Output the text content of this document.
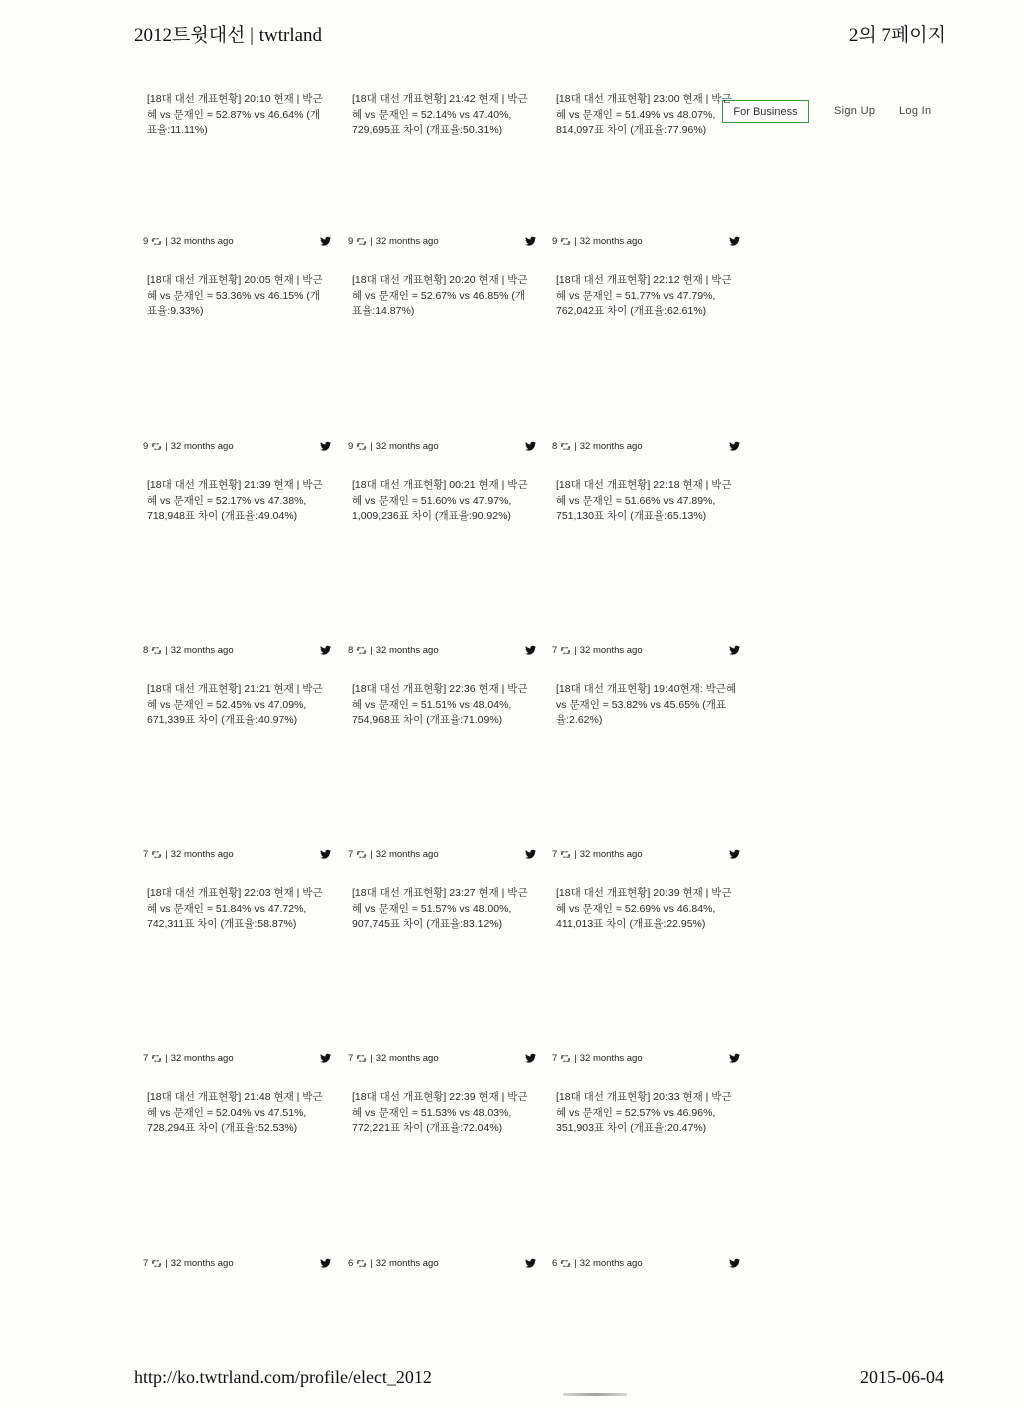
2012트윗대선 | twtrland	2의 7페이지
For Business	Sign Up Log In
[18대 대선 개표현황] 20:10 현재 | 박근혜 vs 문재인 = 52.87% vs 46.64% (개표율:11.11%)
9 | 32 months ago
[18대 대선 개표현황] 21:42 현재 | 박근혜 vs 문재인 = 52.14% vs 47.40%, 729,695표 차이 (개표율:50.31%)
9 | 32 months ago
[18대 대선 개표현황] 23:00 현재 | 박근혜 vs 문재인 = 51.49% vs 48.07%, 814,097표 차이 (개표율:77.96%)
9 | 32 months ago
[18대 대선 개표현황] 20:05 현재 | 박근혜 vs 문재인 = 53.36% vs 46.15% (개표율:9.33%)
9 | 32 months ago
[18대 대선 개표현황] 20:20 현재 | 박근혜 vs 문재인 = 52.67% vs 46.85% (개표율:14.87%)
9 | 32 months ago
[18대 대선 개표현황] 22:12 현재 | 박근혜 vs 문재인 = 51.77% vs 47.79%, 762,042표 차이 (개표율:62.61%)
8 | 32 months ago
[18대 대선 개표현황] 21:39 현재 | 박근혜 vs 문재인 = 52.17% vs 47.38%, 718,948표 차이 (개표율:49.04%)
8 | 32 months ago
[18대 대선 개표현황] 00:21 현재 | 박근혜 vs 문재인 = 51.60% vs 47.97%, 1,009,236표 차이 (개표율:90.92%)
8 | 32 months ago
[18대 대선 개표현황] 22:18 현재 | 박근혜 vs 문재인 = 51.66% vs 47.89%, 751,130표 차이 (개표율:65.13%)
7 | 32 months ago
[18대 대선 개표현황] 21:21 현재 | 박근혜 vs 문재인 = 52.45% vs 47.09%, 671,339표 차이 (개표율:40.97%)
7 | 32 months ago
[18대 대선 개표현황] 22:36 현재 | 박근혜 vs 문재인 = 51.51% vs 48.04%, 754,968표 차이 (개표율:71.09%)
7 | 32 months ago
[18대 대선 개표현황] 19:40현재: 박근혜 vs 문재인 = 53.82% vs 45.65% (개표율:2.62%)
7 | 32 months ago
[18대 대선 개표현황] 22:03 현재 | 박근혜 vs 문재인 = 51.84% vs 47.72%, 742,311표 차이 (개표율:58.87%)
7 | 32 months ago
[18대 대선 개표현황] 23:27 현재 | 박근혜 vs 문재인 = 51.57% vs 48.00%, 907,745표 차이 (개표율:83.12%)
7 | 32 months ago
[18대 대선 개표현황] 20:39 현재 | 박근혜 vs 문재인 = 52.69% vs 46.84%, 411,013표 차이 (개표율:22.95%)
7 | 32 months ago
[18대 대선 개표현황] 21:48 현재 | 박근혜 vs 문재인 = 52.04% vs 47.51%, 728,294표 차이 (개표율:52.53%)
7 | 32 months ago
[18대 대선 개표현황] 22:39 현재 | 박근혜 vs 문재인 = 51.53% vs 48.03%, 772,221표 차이 (개표율:72.04%)
6 | 32 months ago
[18대 대선 개표현황] 20:33 현재 | 박근혜 vs 문재인 = 52.57% vs 46.96%, 351,903표 차이 (개표율:20.47%)
6 | 32 months ago
http://ko.twtrland.com/profile/elect_2012	2015-06-04
